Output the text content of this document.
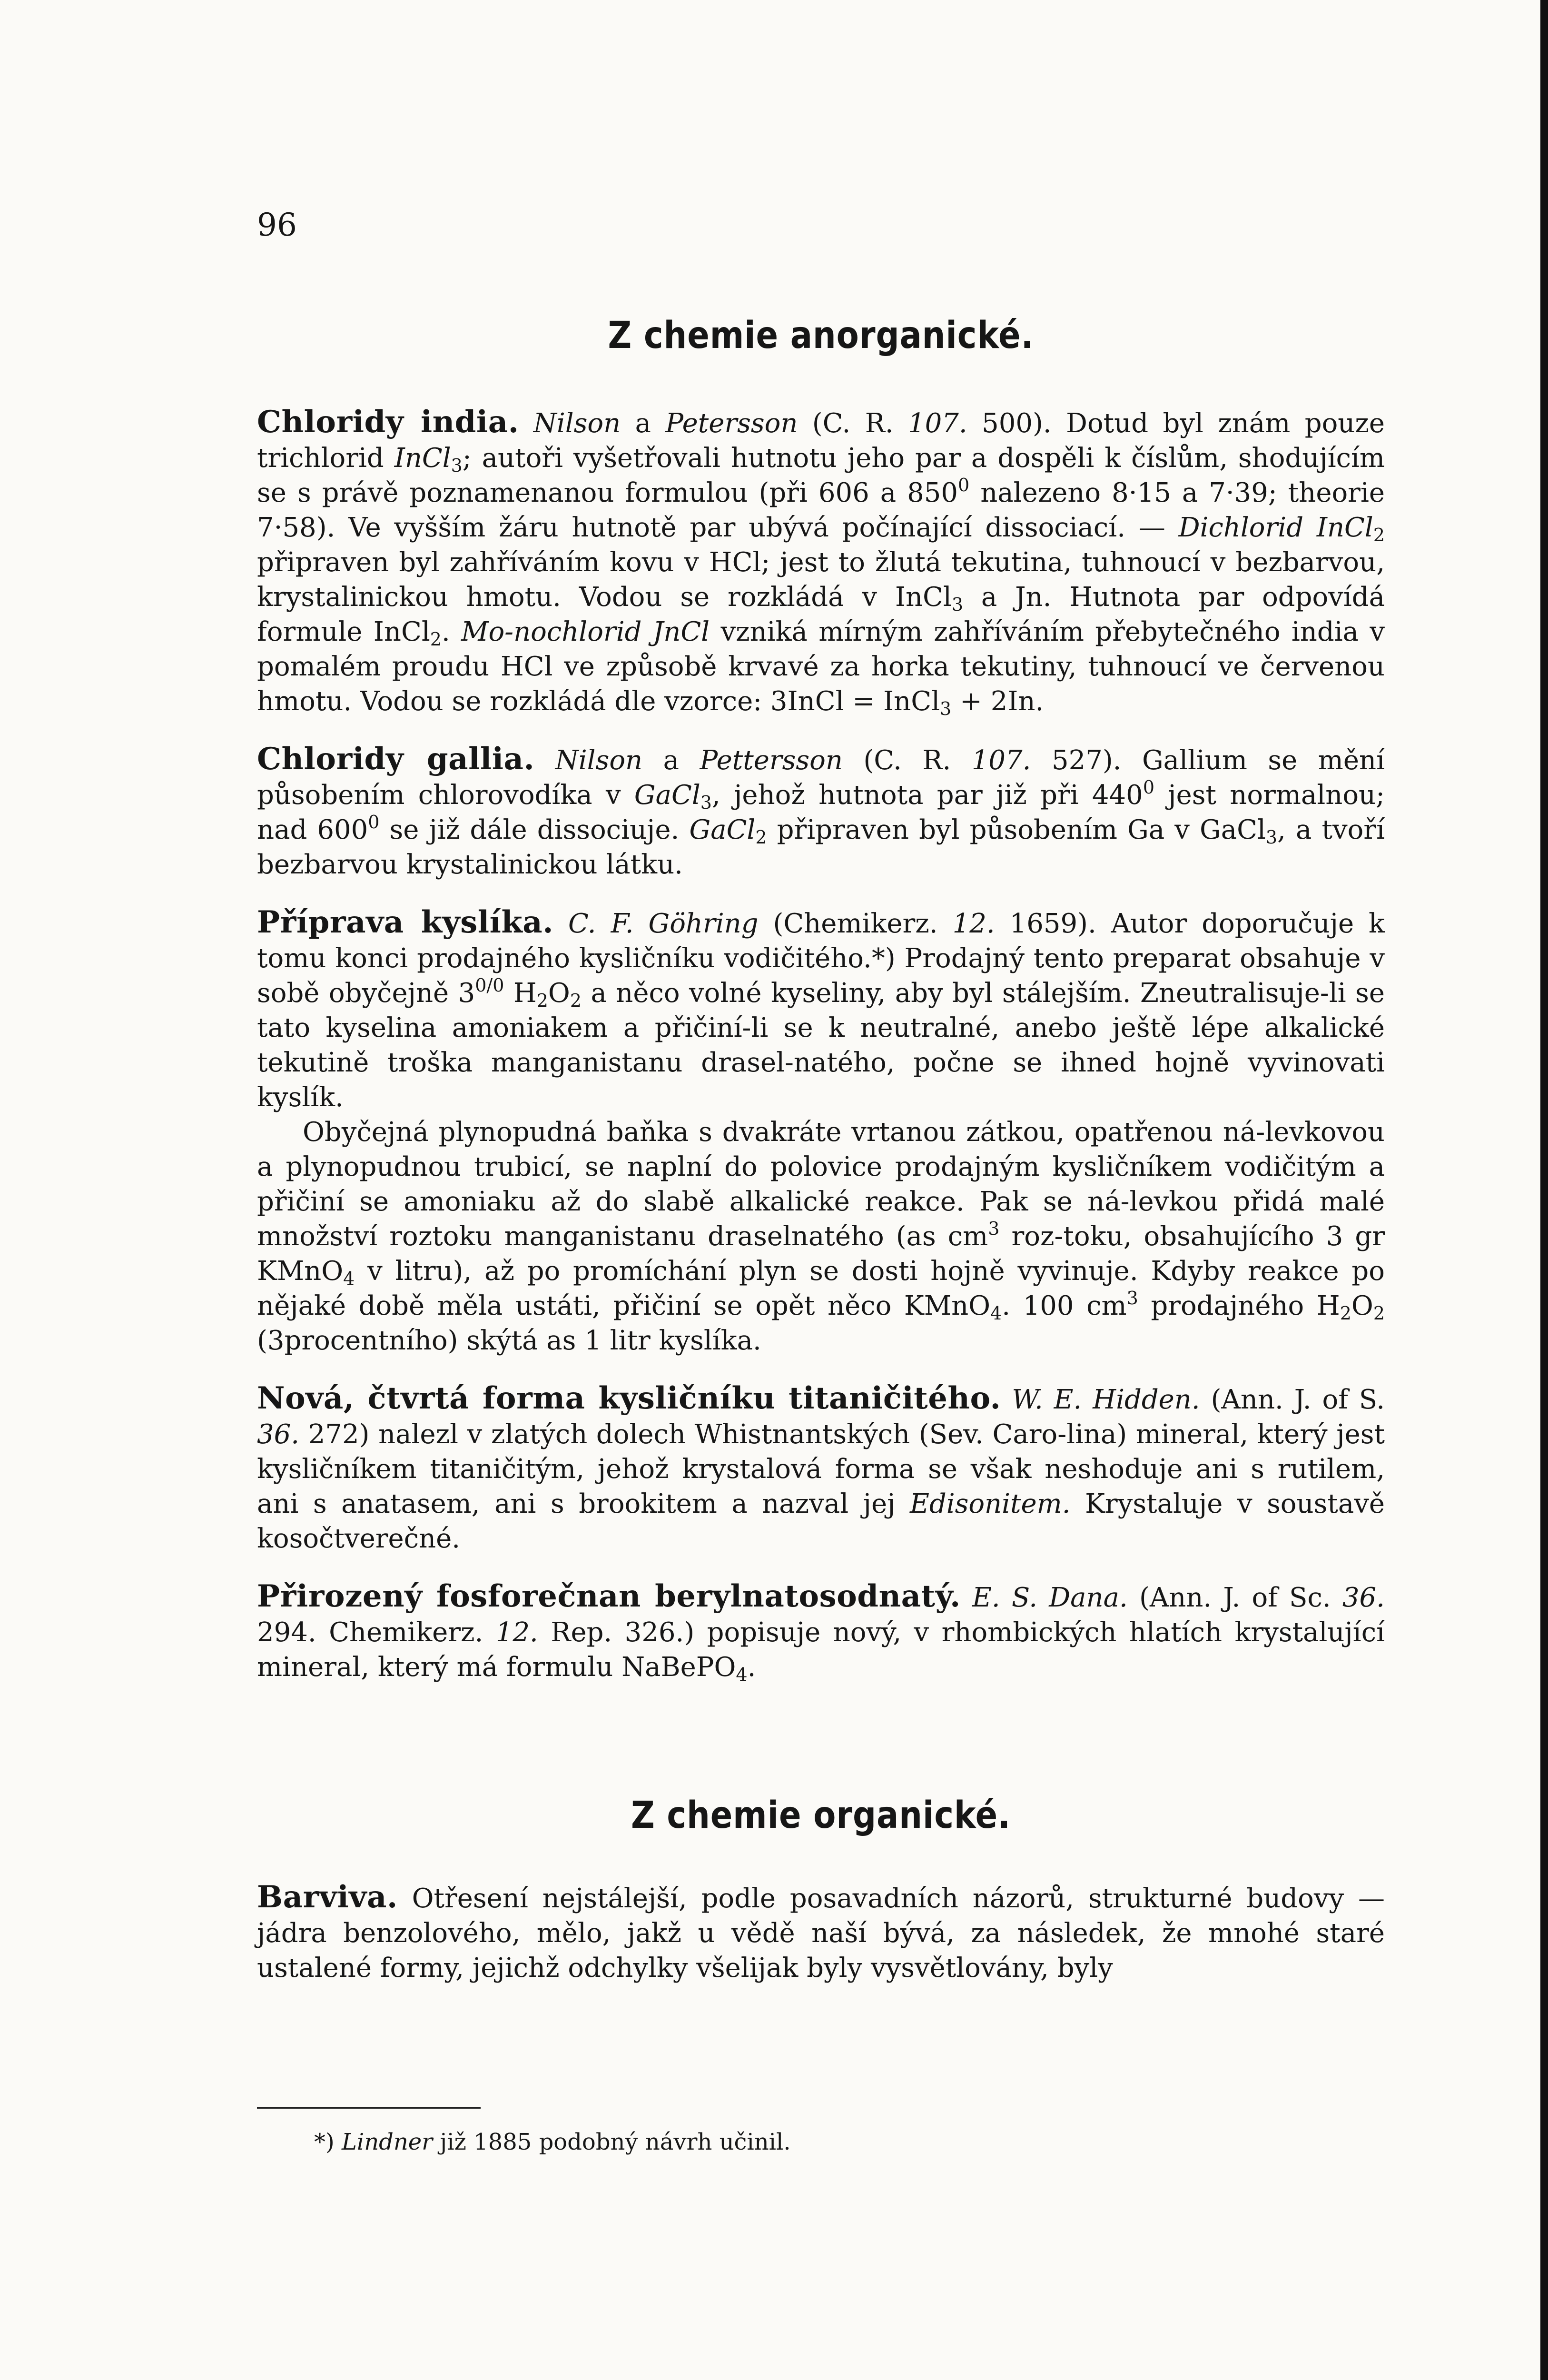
96
Z chemie anorganické.

Chloridy india. Nilson a Petersson (C. R. 107. 500). Dotud byl znám pouze trichlorid InCl$_3$; autoři vyšetřovali hutnotu jeho par a dospěli k číslům, shodujícím se s právě poznamenanou formulou (při 606 a $850^0$ nalezeno 8·15 a 7·39; theorie 7·58). Ve vyšším žáru hutnotě par ubývá počínající dissociací. — Dichlorid InCl$_2$ připraven byl zahříváním kovu v HCl; jest to žlutá tekutina, tuhnoucí v bezbarvou, krystalinickou hmotu. Vodou se rozkládá v InCl$_3$ a Jn. Hutnota par odpovídá formule InCl$_2$. Mo-nochlorid JnCl vzniká mírným zahříváním přebytečného india v pomalém proudu HCl ve způsobě krvavé za horka tekutiny, tuhnoucí ve červenou hmotu. Vodou se rozkládá dle vzorce: 3InCl = InCl$_3$ + 2In.

Chloridy gallia. Nilson a Pettersson (C. R. 107. 527). Gallium se mění působením chlorovodíka v GaCl$_3$, jehož hutnota par již při $440^0$ jest normalnou; nad $600^0$ se již dále dissociuje. GaCl$_2$ připraven byl působením Ga v GaCl$_3$, a tvoří bezbarvou krystalinickou látku.

Příprava kyslíka. C. F. Göhring (Chemikerz. 12. 1659). Autor doporučuje k tomu konci prodajného kysličníku vodičitého.*) Prodajný tento preparat obsahuje v sobě obyčejně $3^{0/0}$ $H_2O_2$ a něco volné kyseliny, aby byl stálejším. Zneutralisuje-li se tato kyselina amoniakem a přičiní-li se k neutralné, anebo ještě lépe alkalické tekutině troška manganistanu drasel-natého, počne se ihned hojně vyvinovati kyslík.

Obyčejná plynopudná baňka s dvakráte vrtanou zátkou, opatřenou ná-levkovou a plynopudnou trubicí, se naplní do polovice prodajným kysličníkem vodičitým a přičiní se amoniaku až do slabě alkalické reakce. Pak se ná-levkou přidá malé množství roztoku manganistanu draselnatého (as $cm^3$ roz-toku, obsahujícího 3 gr KMnO$_4$ v litru), až po promíchání plyn se dosti hojně vyvinuje. Kdyby reakce po nějaké době měla ustáti, přičiní se opět něco KMnO$_4$. 100 $cm^3$ prodajného $H_2O_2$ (3procentního) skýtá as 1 litr kyslíka.

Nová, čtvrtá forma kysličníku titaničitého. W. E. Hidden. (Ann. J. of S. 36. 272) nalezl v zlatých dolech Whistnantských (Sev. Caro-lina) mineral, který jest kysličníkem titaničitým, jehož krystalová forma se však neshoduje ani s rutilem, ani s anatasem, ani s brookitem a nazval jej Edisonitem. Krystaluje v soustavě kosočtverečné.

Přirozený fosforečnan berylnatosodnatý. E. S. Dana. (Ann. J. of Sc. 36. 294. Chemikerz. 12. Rep. 326.) popisuje nový, v rhombických hlatích krystalující mineral, který má formulu NaBePO$_4$.

Z chemie organické.

Barviva. Otřesení nejstálejší, podle posavadních názorů, strukturné budovy — jádra benzolového, mělo, jakž u vědě naší bývá, za následek, že mnohé staré ustalené formy, jejichž odchylky všelijak byly vysvětlovány, byly

*) Lindner již 1885 podobný návrh učinil.
